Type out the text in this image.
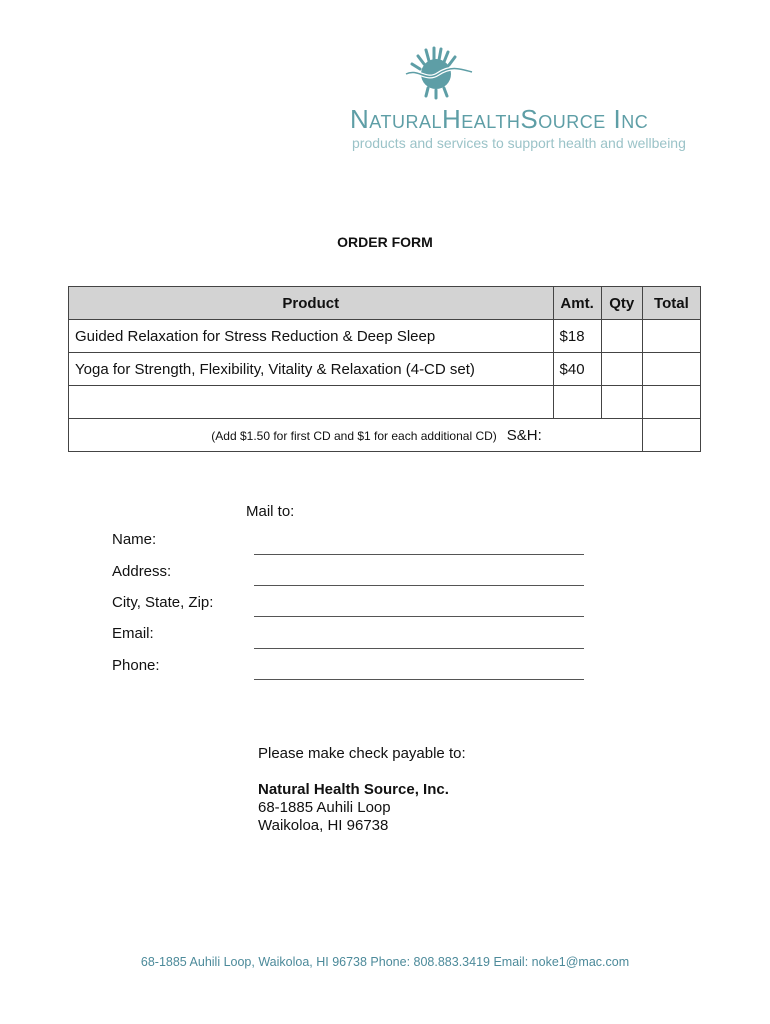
NaturalHealthSource Inc
products and services to support health and wellbeing
ORDER FORM
Product	Amt.	Qty	Total
Guided Relaxation for Stress Reduction & Deep Sleep	$18		
Yoga for Strength, Flexibility, Vitality & Relaxation (4-CD set)	$40		

(Add $1.50 for first CD and $1 for each additional CD) S&H:			
Mail to:
Name:
Address:
City, State, Zip:
Email:
Phone:
Please make check payable to:
Natural Health Source, Inc.
68-1885 Auhili Loop
Waikoloa, HI 96738
68-1885 Auhili Loop, Waikoloa, HI 96738 Phone: 808.883.3419 Email: noke1@mac.com
